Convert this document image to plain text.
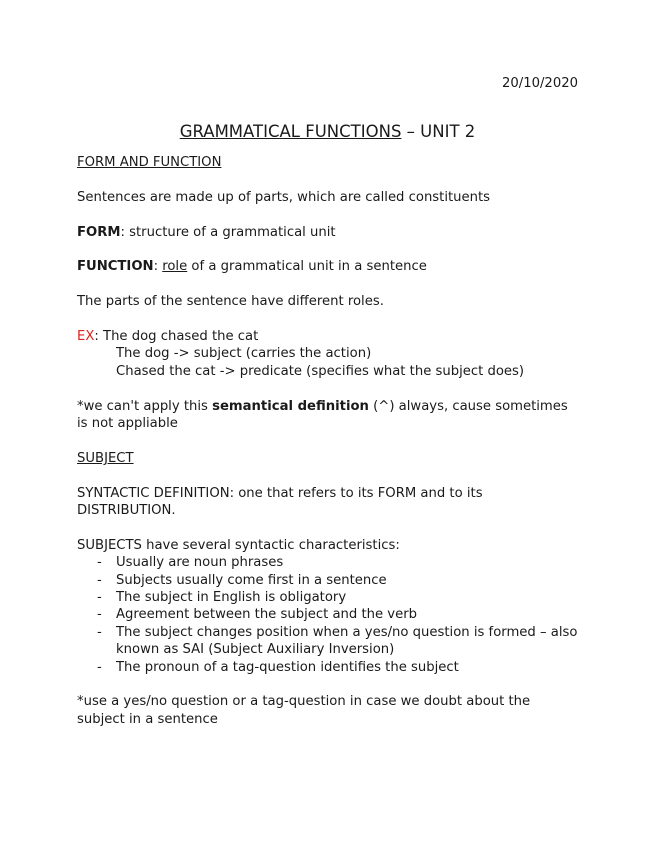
20/10/2020
GRAMMATICAL FUNCTIONS – UNIT 2

FORM AND FUNCTION

Sentences are made up of parts, which are called constituents

FORM: structure of a grammatical unit

FUNCTION: role of a grammatical unit in a sentence

The parts of the sentence have different roles.

EX: The dog chased the cat

The dog -> subject (carries the action)

Chased the cat -> predicate (specifies what the subject does)

*we can't apply this semantical definition (^) always, cause sometimes is not appliable

SUBJECT

SYNTACTIC DEFINITION: one that refers to its FORM and to its DISTRIBUTION.

SUBJECTS have several syntactic characteristics:

- Usually are noun phrases
- Subjects usually come first in a sentence
- The subject in English is obligatory
- Agreement between the subject and the verb
- The subject changes position when a yes/no question is formed – also known as SAI (Subject Auxiliary Inversion)
- The pronoun of a tag-question identifies the subject

*use a yes/no question or a tag-question in case we doubt about the subject in a sentence
